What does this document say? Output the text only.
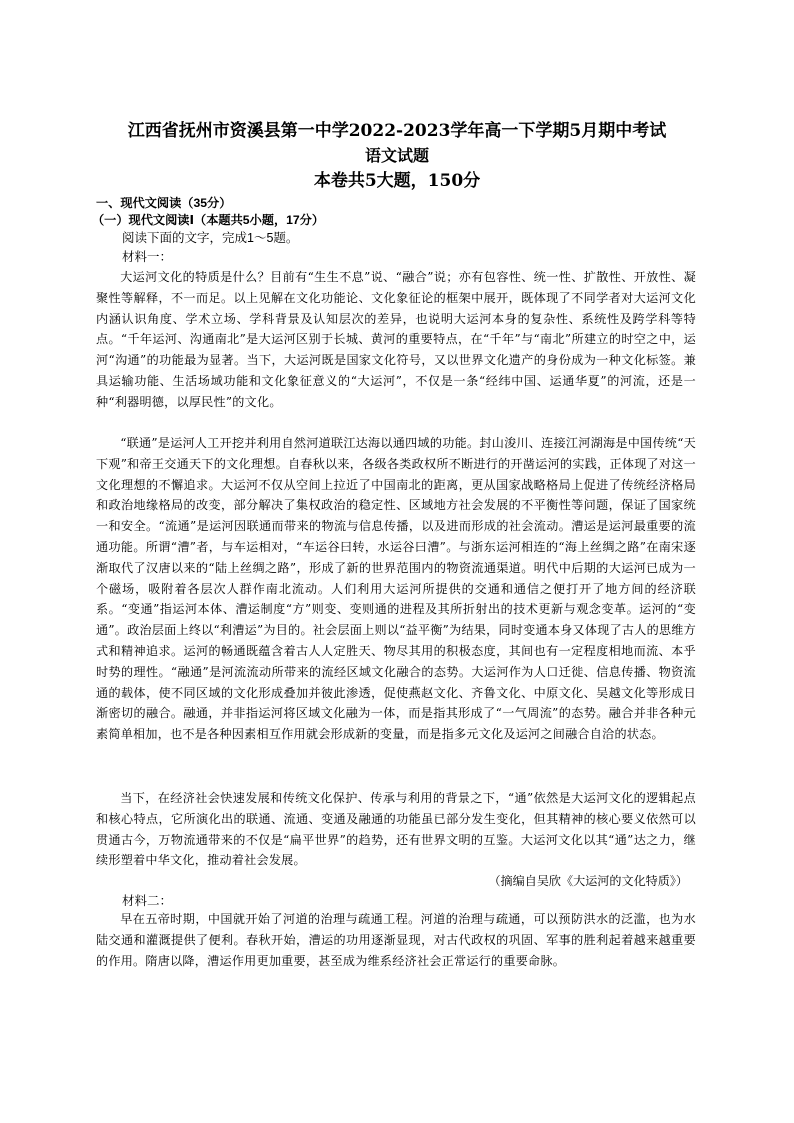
江西省抚州市资溪县第一中学2022-2023学年高一下学期5月期中考试
语文试题
本卷共5大题，150分
一、现代文阅读（35分）
（一）现代文阅读Ⅰ（本题共5小题，17分）
阅读下面的文字，完成1～5题。
材料一：
大运河文化的特质是什么？目前有“生生不息”说、“融合”说；亦有包容性、统一性、扩散性、开放性、凝聚性等解释，不一而足。以上见解在文化功能论、文化象征论的框架中展开，既体现了不同学者对大运河文化内涵认识角度、学术立场、学科背景及认知层次的差异，也说明大运河本身的复杂性、系统性及跨学科等特点。“千年运河、沟通南北”是大运河区别于长城、黄河的重要特点，在“千年”与“南北”所建立的时空之中，运河“沟通”的功能最为显著。当下，大运河既是国家文化符号，又以世界文化遗产的身份成为一种文化标签。兼具运输功能、生活场域功能和文化象征意义的“大运河”，不仅是一条“经纬中国、运通华夏”的河流，还是一种“利器明德，以厚民性”的文化。
“联通”是运河人工开挖并利用自然河道联江达海以通四域的功能。封山浚川、连接江河湖海是中国传统“天下观”和帝王交通天下的文化理想。自春秋以来，各级各类政权所不断进行的开凿运河的实践，正体现了对这一文化理想的不懈追求。大运河不仅从空间上拉近了中国南北的距离，更从国家战略格局上促进了传统经济格局和政治地缘格局的改变，部分解决了集权政治的稳定性、区域地方社会发展的不平衡性等问题，保证了国家统一和安全。“流通”是运河因联通而带来的物流与信息传播，以及进而形成的社会流动。漕运是运河最重要的流通功能。所谓“漕”者，与车运相对，“车运谷曰转，水运谷曰漕”。与浙东运河相连的“海上丝绸之路”在南宋逐渐取代了汉唐以来的“陆上丝绸之路”，形成了新的世界范围内的物资流通渠道。明代中后期的大运河已成为一个磁场，吸附着各层次人群作南北流动。人们利用大运河所提供的交通和通信之便打开了地方间的经济联系。“变通”指运河本体、漕运制度“方”则变、变则通的进程及其所折射出的技术更新与观念变革。运河的“变通”。政治层面上终以“利漕运”为目的。社会层面上则以“益平衡”为结果，同时变通本身又体现了古人的思维方式和精神追求。运河的畅通既蕴含着古人人定胜天、物尽其用的积极态度，其间也有一定程度相地而流、本乎时势的理性。“融通”是河流流动所带来的流经区域文化融合的态势。大运河作为人口迁徙、信息传播、物资流通的载体，使不同区域的文化形成叠加并彼此渗透，促使燕赵文化、齐鲁文化、中原文化、吴越文化等形成日渐密切的融合。融通，并非指运河将区域文化融为一体，而是指其形成了“一气周流”的态势。融合并非各种元素简单相加，也不是各种因素相互作用就会形成新的变量，而是指多元文化及运河之间融合自洽的状态。
当下，在经济社会快速发展和传统文化保护、传承与利用的背景之下，“通”依然是大运河文化的逻辑起点和核心特点，它所演化出的联通、流通、变通及融通的功能虽已部分发生变化，但其精神的核心要义依然可以贯通古今，万物流通带来的不仅是“扁平世界”的趋势，还有世界文明的互鉴。大运河文化以其“通”达之力，继续形塑着中华文化，推动着社会发展。
（摘编自吴欣《大运河的文化特质》）
材料二：
早在五帝时期，中国就开始了河道的治理与疏通工程。河道的治理与疏通，可以预防洪水的泛滥，也为水陆交通和灌溉提供了便利。春秋开始，漕运的功用逐渐显现，对古代政权的巩固、军事的胜利起着越来越重要的作用。隋唐以降，漕运作用更加重要，甚至成为维系经济社会正常运行的重要命脉。
